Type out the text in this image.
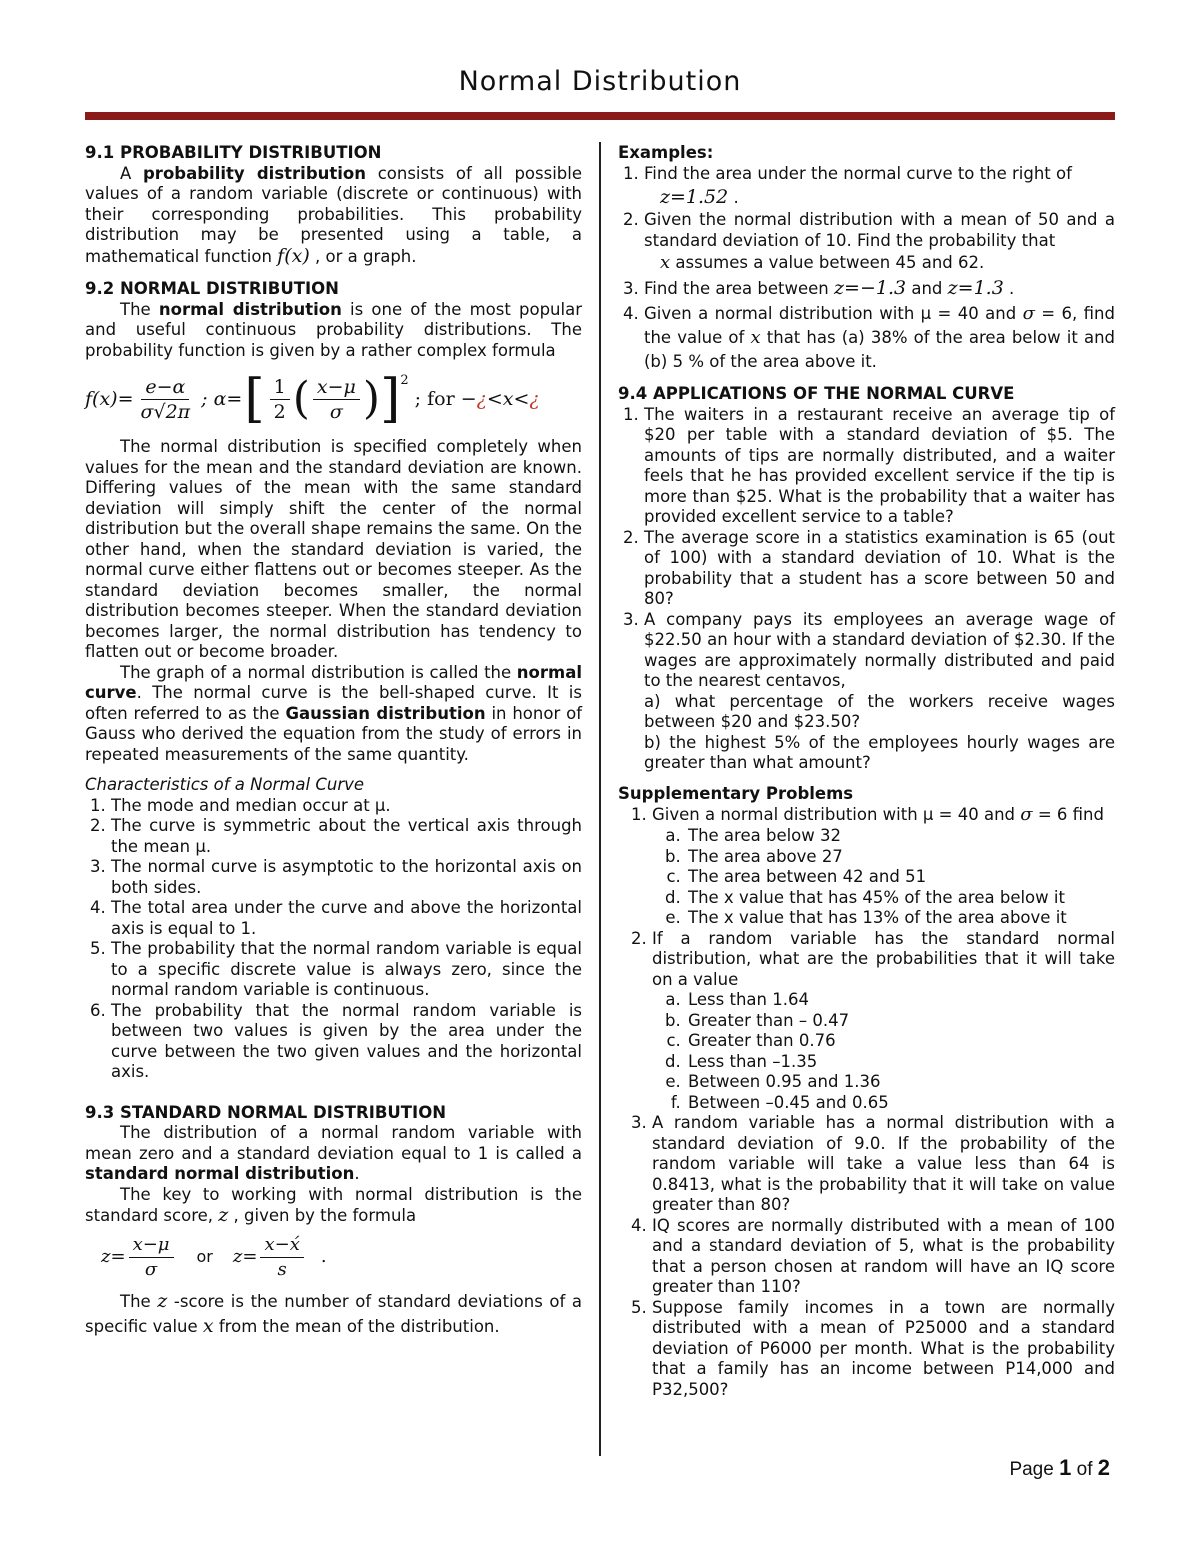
Normal Distribution
9.1 PROBABILITY DISTRIBUTION

A probability distribution consists of all possible values of a random variable (discrete or continuous) with their corresponding probabilities. This probability distribution may be presented using a table, a mathematical function f(x) , or a graph.

9.2 NORMAL DISTRIBUTION

The normal distribution is one of the most popular and useful continuous probability distributions. The probability function is given by a rather complex formula

$f(x)= \frac{e-\alpha}{\sigma√2\pi}$ ; α= [ $\frac{1}{2}$ ( $\frac{x-\mu}{\sigma}$ ) ]$^2$
; for − ¿ <x< ¿

The normal distribution is specified completely when values for the mean and the standard deviation are known. Differing values of the mean with the same standard deviation will simply shift the center of the normal distribution but the overall shape remains the same. On the other hand, when the standard deviation is varied, the normal curve either flattens out or becomes steeper. As the standard deviation becomes smaller, the normal distribution becomes steeper. When the standard deviation becomes larger, the normal distribution has tendency to flatten out or become broader.

The graph of a normal distribution is called the normal curve. The normal curve is the bell-shaped curve. It is often referred to as the Gaussian distribution in honor of Gauss who derived the equation from the study of errors in repeated measurements of the same quantity.

Characteristics of a Normal Curve

1. The mode and median occur at μ.
2. The curve is symmetric about the vertical axis through the mean μ.
3. The normal curve is asymptotic to the horizontal axis on both sides.
4. The total area under the curve and above the horizontal axis is equal to 1.
5. The probability that the normal random variable is equal to a specific discrete value is always zero, since the normal random variable is continuous.
6. The probability that the normal random variable is between two values is given by the area under the curve between the two given values and the horizontal axis.
9.3 STANDARD NORMAL DISTRIBUTION

The distribution of a normal random variable with mean zero and a standard deviation equal to 1 is called a standard normal distribution.

The key to working with normal distribution is the standard score, z , given by the formula

$z= \frac{x-\mu}{\sigma}$ or $z= \frac{x-x́}{s}$ .

The z -score is the number of standard deviations of a specific value x from the mean of the distribution.

Examples:
1. Find the area under the normal curve to the right of
z=1.52 .
2. Given the normal distribution with a mean of 50 and a standard deviation of 10. Find the probability that
x assumes a value between 45 and 62.
3. Find the area between z=−1.3 and z=1.3 .
4. Given a normal distribution with μ = 40 and σ = 6, find the value of x that has (a) 38% of the area below it and (b) 5 % of the area above it.
9.4 APPLICATIONS OF THE NORMAL CURVE
1. The waiters in a restaurant receive an average tip of $20 per table with a standard deviation of $5. The amounts of tips are normally distributed, and a waiter feels that he has provided excellent service if the tip is more than $25. What is the probability that a waiter has provided excellent service to a table?
2. The average score in a statistics examination is 65 (out of 100) with a standard deviation of 10. What is the probability that a student has a score between 50 and 80?
3. A company pays its employees an average wage of $22.50 an hour with a standard deviation of $2.30. If the wages are approximately normally distributed and paid to the nearest centavos,
a) what percentage of the workers receive wages between $20 and $23.50?
b) the highest 5% of the employees hourly wages are greater than what amount?
Supplementary Problems
1. Given a normal distribution with μ = 40 and σ = 6 find
a. The area below 32
b. The area above 27
c. The area between 42 and 51
d. The x value that has 45% of the area below it
e. The x value that has 13% of the area above it
2. If a random variable has the standard normal distribution, what are the probabilities that it will take on a value
a. Less than 1.64
b. Greater than – 0.47
c. Greater than 0.76
d. Less than –1.35
e. Between 0.95 and 1.36
f. Between –0.45 and 0.65
3. A random variable has a normal distribution with a standard deviation of 9.0. If the probability of the random variable will take a value less than 64 is 0.8413, what is the probability that it will take on value greater than 80?
4. IQ scores are normally distributed with a mean of 100 and a standard deviation of 5, what is the probability that a person chosen at random will have an IQ score greater than 110?
5. Suppose family incomes in a town are normally distributed with a mean of P25000 and a standard deviation of P6000 per month. What is the probability that a family has an income between P14,000 and P32,500?
Page 1 of 2
